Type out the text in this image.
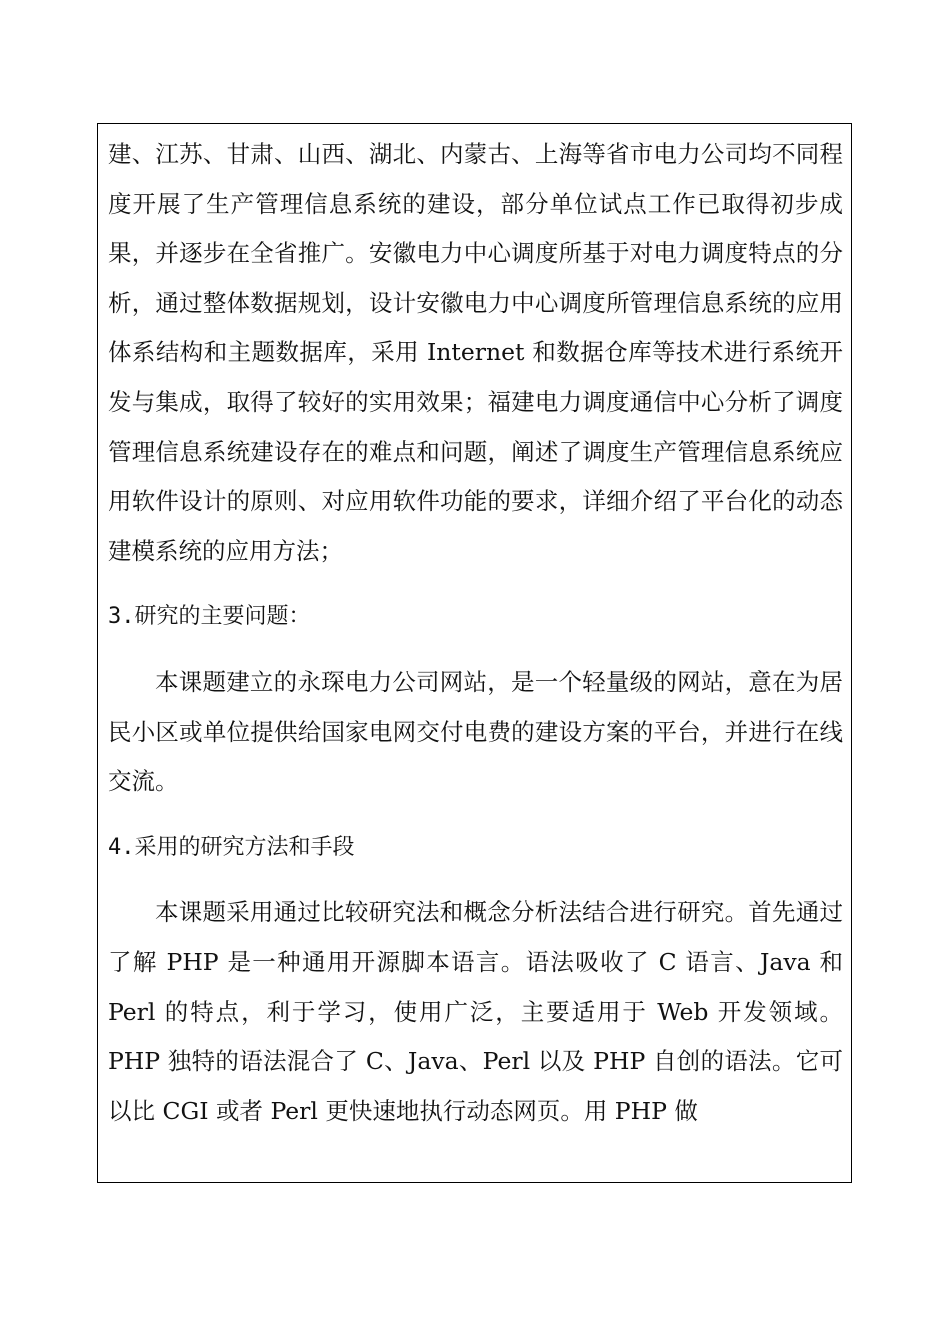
建、江苏、甘肃、山西、湖北、内蒙古、上海等省市电力公司均不同程度开展了生产管理信息系统的建设，部分单位试点工作已取得初步成果，并逐步在全省推广。安徽电力中心调度所基于对电力调度特点的分析，通过整体数据规划，设计安徽电力中心调度所管理信息系统的应用体系结构和主题数据库，采用 Internet 和数据仓库等技术进行系统开发与集成，取得了较好的实用效果；福建电力调度通信中心分析了调度管理信息系统建设存在的难点和问题，阐述了调度生产管理信息系统应用软件设计的原则、对应用软件功能的要求，详细介绍了平台化的动态建模系统的应用方法；

3.研究的主要问题：

本课题建立的永琛电力公司网站，是一个轻量级的网站，意在为居民小区或单位提供给国家电网交付电费的建设方案的平台，并进行在线交流。

4.采用的研究方法和手段

本课题采用通过比较研究法和概念分析法结合进行研究。首先通过了解 PHP 是一种通用开源脚本语言。语法吸收了 C 语言、Java 和 Perl 的特点，利于学习，使用广泛，主要适用于 Web 开发领域。PHP 独特的语法混合了 C、Java、Perl 以及 PHP 自创的语法。它可以比 CGI 或者 Perl 更快速地执行动态网页。用 PHP 做
